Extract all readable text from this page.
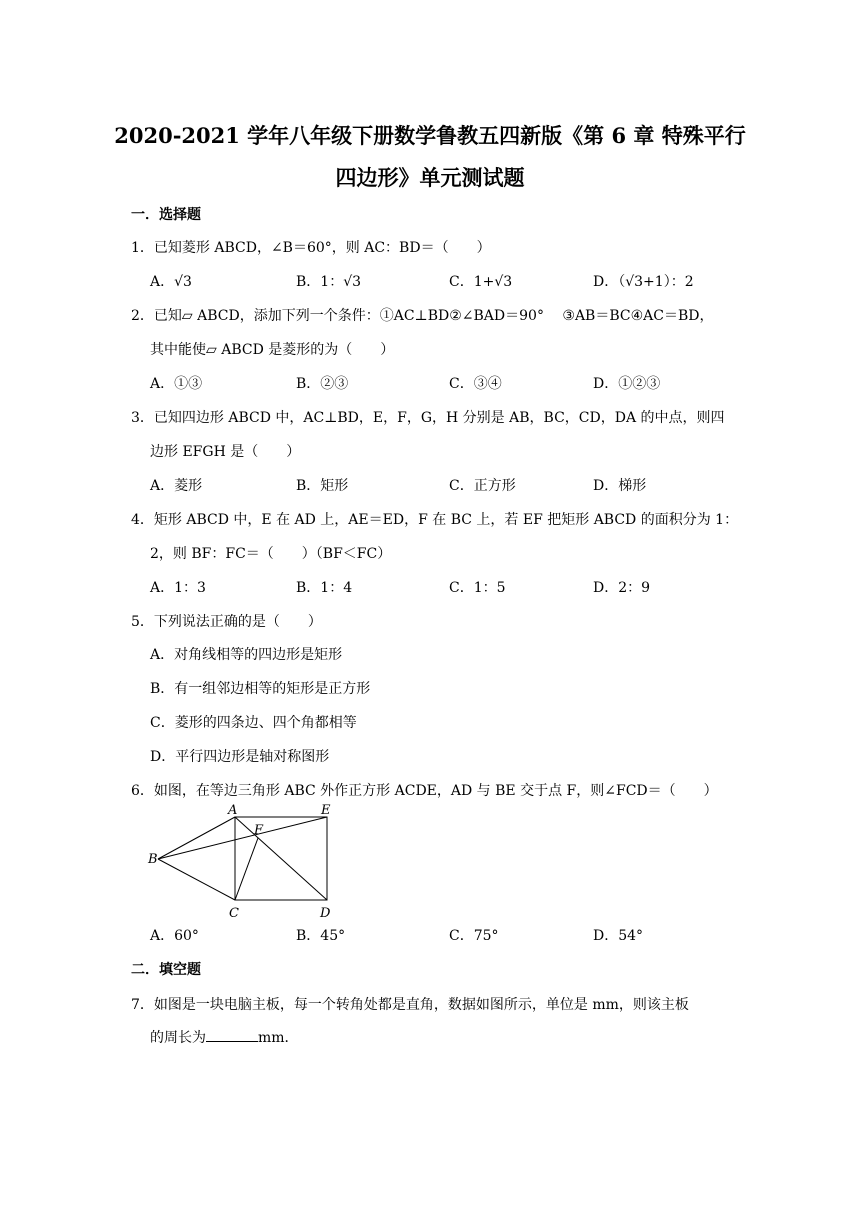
2020-2021 学年八年级下册数学鲁教五四新版《第 6 章 特殊平行
四边形》单元测试题
一．选择题
1．已知菱形 ABCD，∠B＝60°，则 AC：BD＝（　　）
A．√3	B．1：√3	C．1+√3	D．（√3+1）：2
2．已知▱ ABCD，添加下列一个条件：①AC⊥BD②∠BAD＝90°　 ③AB＝BC④AC＝BD，
其中能使▱ ABCD 是菱形的为（　　）
A．①③	B．②③	C．③④	D．①②③
3．已知四边形 ABCD 中，AC⊥BD，E，F，G，H 分别是 AB，BC，CD，DA 的中点，则四
边形 EFGH 是（　　）
A．菱形	B．矩形	C．正方形	D．梯形
4．矩形 ABCD 中，E 在 AD 上，AE＝ED，F 在 BC 上，若 EF 把矩形 ABCD 的面积分为 1：
2，则 BF：FC＝（　　）（BF＜FC）
A．1：3	B．1：4	C．1：5	D．2：9
5．下列说法正确的是（　　）
A．对角线相等的四边形是矩形
B．有一组邻边相等的矩形是正方形
C．菱形的四条边、四个角都相等
D．平行四边形是轴对称图形
6．如图，在等边三角形 ABC 外作正方形 ACDE，AD 与 BE 交于点 F，则∠FCD＝（　　）
A	E
F
B
C	D
A．60°	B．45°	C．75°	D．54°
二．填空题
7．如图是一块电脑主板，每一个转角处都是直角，数据如图所示，单位是 mm，则该主板
的周长为	mm．
